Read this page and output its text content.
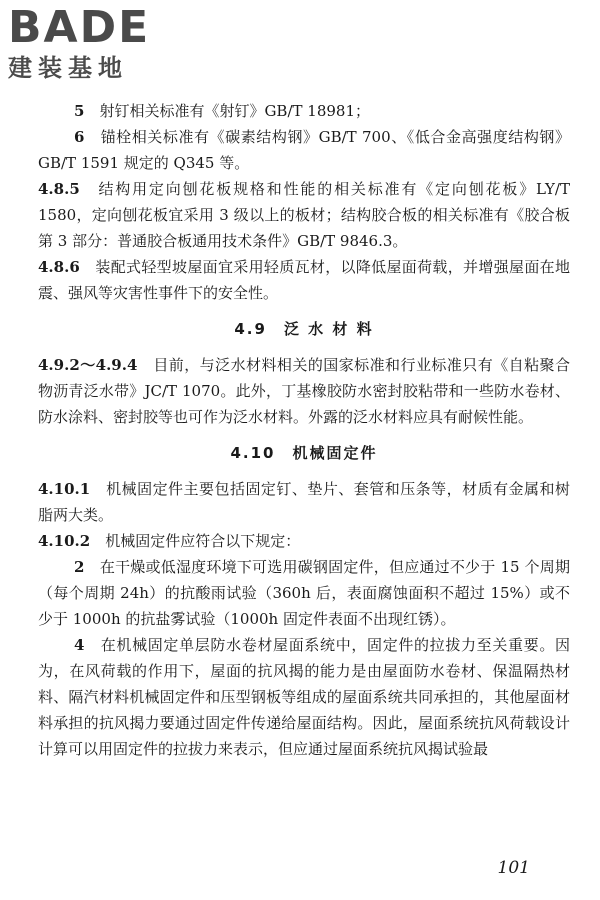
BADE
建装基地

5　 射钉相关标准有《射钉》GB/T 18981；

6　 锚栓相关标准有《碳素结构钢》GB/T 700、《低合金高强度结构钢》GB/T 1591 规定的 Q345 等。

4.8.5　 结构用定向刨花板规格和性能的相关标准有《定向刨花板》LY/T 1580，定向刨花板宜采用 3 级以上的板材；结构胶合板的相关标准有《胶合板　第 3 部分：普通胶合板通用技术条件》GB/T 9846.3。

4.8.6　 装配式轻型坡屋面宜采用轻质瓦材，以降低屋面荷载，并增强屋面在地震、强风等灾害性事件下的安全性。

4.9　泛 水 材 料

4.9.2～4.9.4　 目前，与泛水材料相关的国家标准和行业标准只有《自粘聚合物沥青泛水带》JC/T 1070。此外，丁基橡胶防水密封胶粘带和一些防水卷材、防水涂料、密封胶等也可作为泛水材料。外露的泛水材料应具有耐候性能。

4.10　机械固定件

4.10.1　 机械固定件主要包括固定钉、垫片、套管和压条等，材质有金属和树脂两大类。

4.10.2　 机械固定件应符合以下规定：

2　 在干燥或低湿度环境下可选用碳钢固定件，但应通过不少于 15 个周期（每个周期 24h）的抗酸雨试验（360h 后，表面腐蚀面积不超过 15%）或不少于 1000h 的抗盐雾试验（1000h 固定件表面不出现红锈）。

4　 在机械固定单层防水卷材屋面系统中，固定件的拉拔力至关重要。因为，在风荷载的作用下，屋面的抗风揭的能力是由屋面防水卷材、保温隔热材料、隔汽材料机械固定件和压型钢板等组成的屋面系统共同承担的，其他屋面材料承担的抗风揭力要通过固定件传递给屋面结构。因此，屋面系统抗风荷载设计计算可以用固定件的拉拔力来表示，但应通过屋面系统抗风揭试验最

101
